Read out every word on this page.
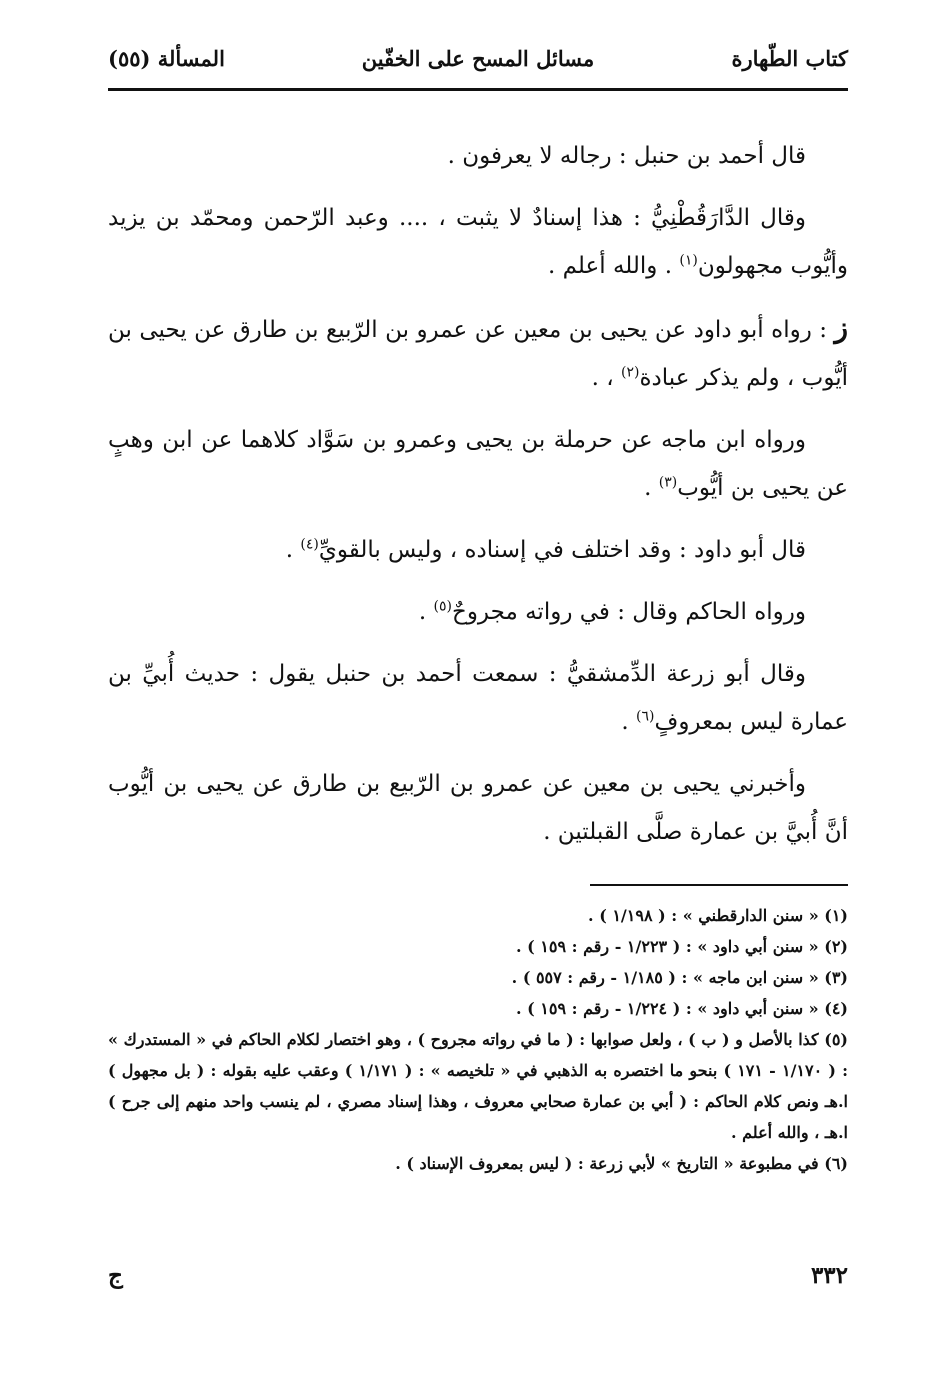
كتاب الطّهارة
مسائل المسح على الخفّين
المسألة (٥٥)

قال أحمد بن حنبل : رجاله لا يعرفون .

وقال الدَّارَقُطْنِيُّ : هذا إسنادٌ لا يثبت ، .... وعبد الرّحمن ومحمّد بن يزيد وأيُّوب مجهولون$^{(١)}$ . والله أعلم .

ز : رواه أبو داود عن يحيى بن معين عن عمرو بن الرّبيع بن طارق عن يحيى بن أيُّوب ، ولم يذكر عبادة$^{(٢)}$ ، .

ورواه ابن ماجه عن حرملة بن يحيى وعمرو بن سَوَّاد كلاهما عن ابن وهبٍ عن يحيى بن أيُّوب$^{(٣)}$ .

قال أبو داود : وقد اختلف في إسناده ، وليس بالقويِّ$^{(٤)}$ .

ورواه الحاكم وقال : في رواته مجروحٌ$^{(٥)}$ .

وقال أبو زرعة الدِّمشقيُّ : سمعت أحمد بن حنبل يقول : حديث أُبيِّ بن عمارة ليس بمعروفٍ$^{(٦)}$ .

وأخبرني يحيى بن معين عن عمرو بن الرّبيع بن طارق عن يحيى بن أيُّوب أنَّ أُبيَّ بن عمارة صلَّى القبلتين .

(١) « سنن الدارقطني » : ( ١/١٩٨ ) .

(٢) « سنن أبي داود » : ( ١/٢٢٣ - رقم : ١٥٩ ) .

(٣) « سنن ابن ماجه » : ( ١/١٨٥ - رقم : ٥٥٧ ) .

(٤) « سنن أبي داود » : ( ١/٢٢٤ - رقم : ١٥٩ ) .

(٥) كذا بالأصل و ( ب ) ، ولعل صوابها : ( ما في رواته مجروح ) ، وهو اختصار لكلام الحاكم في « المستدرك » : ( ١/١٧٠ - ١٧١ ) بنحو ما اختصره به الذهبي في « تلخيصه » : ( ١/١٧١ ) وعقب عليه بقوله : ( بل مجهول ) ا.هـ ونص كلام الحاكم : ( أبي بن عمارة صحابي معروف ، وهذا إسناد مصري ، لم ينسب واحد منهم إلى جرح ) ا.هـ ، والله أعلم .

(٦) في مطبوعة « التاريخ » لأبي زرعة : ( ليس بمعروف الإسناد ) .

٣٣٢
ج
